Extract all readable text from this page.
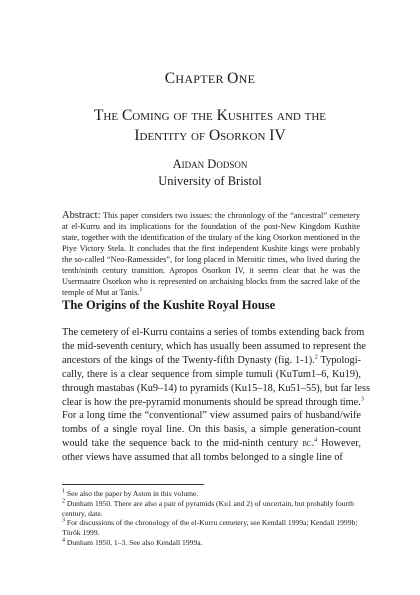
CHAPTER ONE
The Coming of the Kushites and the
Identity of Osorkon IV
Aidan Dodson
University of Bristol
Abstract: This paper considers two issues: the chronology of the “ancestral” cemetery at el-Kurru and its implications for the foundation of the post-New Kingdom Kushite state, together with the identification of the titulary of the king Osorkon mentioned in the Piye Victory Stela. It concludes that the first independent Kushite kings were probably the so-called “Neo-Ramessides”, for long placed in Meroitic times, who lived during the tenth/ninth century transition. Apropos Osorkon IV, it seems clear that he was the Usermaatre Osorkon who is represented on archaising blocks from the sacred lake of the temple of Mut at Tanis.$^1$
The Origins of the Kushite Royal House
The cemetery of el-Kurru contains a series of tombs extending back from
the mid-seventh century, which has usually been assumed to represent the
ancestors of the kings of the Twenty-fifth Dynasty (fig. 1-1).$^2$ Typologi-
cally, there is a clear sequence from simple tumuli (KuTum1–6, Ku19),
through mastabas (Ku9–14) to pyramids (Ku15–18, Ku51–55), but far less
clear is how the pre-pyramid monuments should be spread through time.$^3$
For a long time the “conventional” view assumed pairs of husband/wife
tombs of a single royal line. On this basis, a simple generation-count
would take the sequence back to the mid-ninth century bc.$^4$ However,
other views have assumed that all tombs belonged to a single line of
$^1$ See also the paper by Aston in this volume.
$^2$ Dunham 1950. There are also a pair of pyramids (Ku1 and 2) of uncertain, but probably fourth century, date.
$^3$ For discussions of the chronology of the el-Kurru cemetery, see Kendall 1999a; Kendall 1999b; Török 1999.
$^4$ Dunham 1950, 1–3. See also Kendall 1999a.
